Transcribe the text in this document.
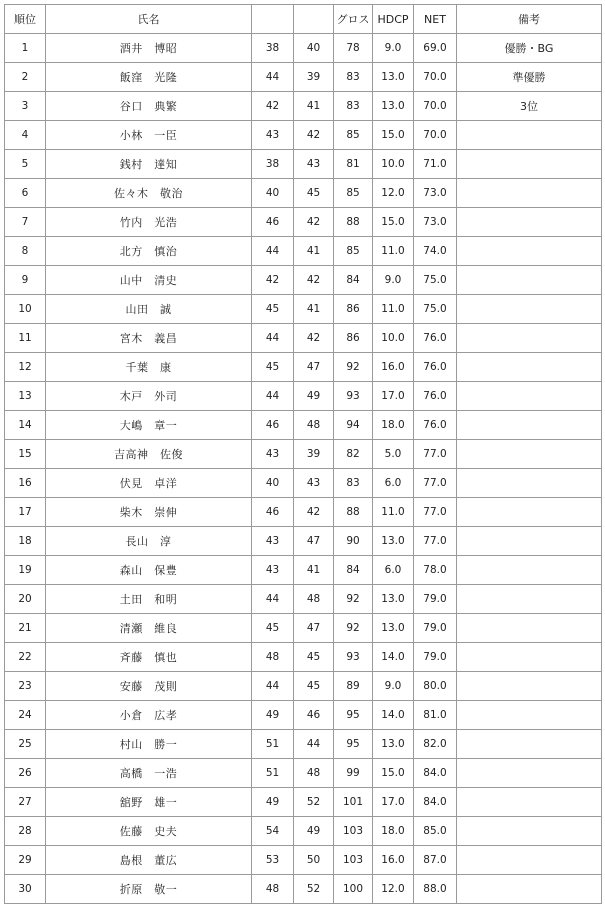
順位	氏名			グロス	HDCP	NET	備考
1	酒井　博昭	38	40	78	9.0	69.0	優勝・BG
2	飯窪　光隆	44	39	83	13.0	70.0	準優勝
3	谷口　典繁	42	41	83	13.0	70.0	3位
4	小林　一臣	43	42	85	15.0	70.0	
5	銭村　達知	38	43	81	10.0	71.0	
6	佐々木　敬治	40	45	85	12.0	73.0	
7	竹内　光浩	46	42	88	15.0	73.0	
8	北方　慎治	44	41	85	11.0	74.0	
9	山中　清史	42	42	84	9.0	75.0	
10	山田　誠	45	41	86	11.0	75.0	
11	宮木　義昌	44	42	86	10.0	76.0	
12	千葉　康	45	47	92	16.0	76.0	
13	木戸　外司	44	49	93	17.0	76.0	
14	大嶋　章一	46	48	94	18.0	76.0	
15	吉高神　佐俊	43	39	82	5.0	77.0	
16	伏見　卓洋	40	43	83	6.0	77.0	
17	柴木　崇伸	46	42	88	11.0	77.0	
18	長山　淳	43	47	90	13.0	77.0	
19	森山　保豊	43	41	84	6.0	78.0	
20	土田　和明	44	48	92	13.0	79.0	
21	清瀬　維良	45	47	92	13.0	79.0	
22	斉藤　慎也	48	45	93	14.0	79.0	
23	安藤　茂則	44	45	89	9.0	80.0	
24	小倉　広孝	49	46	95	14.0	81.0	
25	村山　勝一	51	44	95	13.0	82.0	
26	高橋　一浩	51	48	99	15.0	84.0	
27	舘野　雄一	49	52	101	17.0	84.0	
28	佐藤　史夫	54	49	103	18.0	85.0	
29	島根　董広	53	50	103	16.0	87.0	
30	折原　敬一	48	52	100	12.0	88.0	
